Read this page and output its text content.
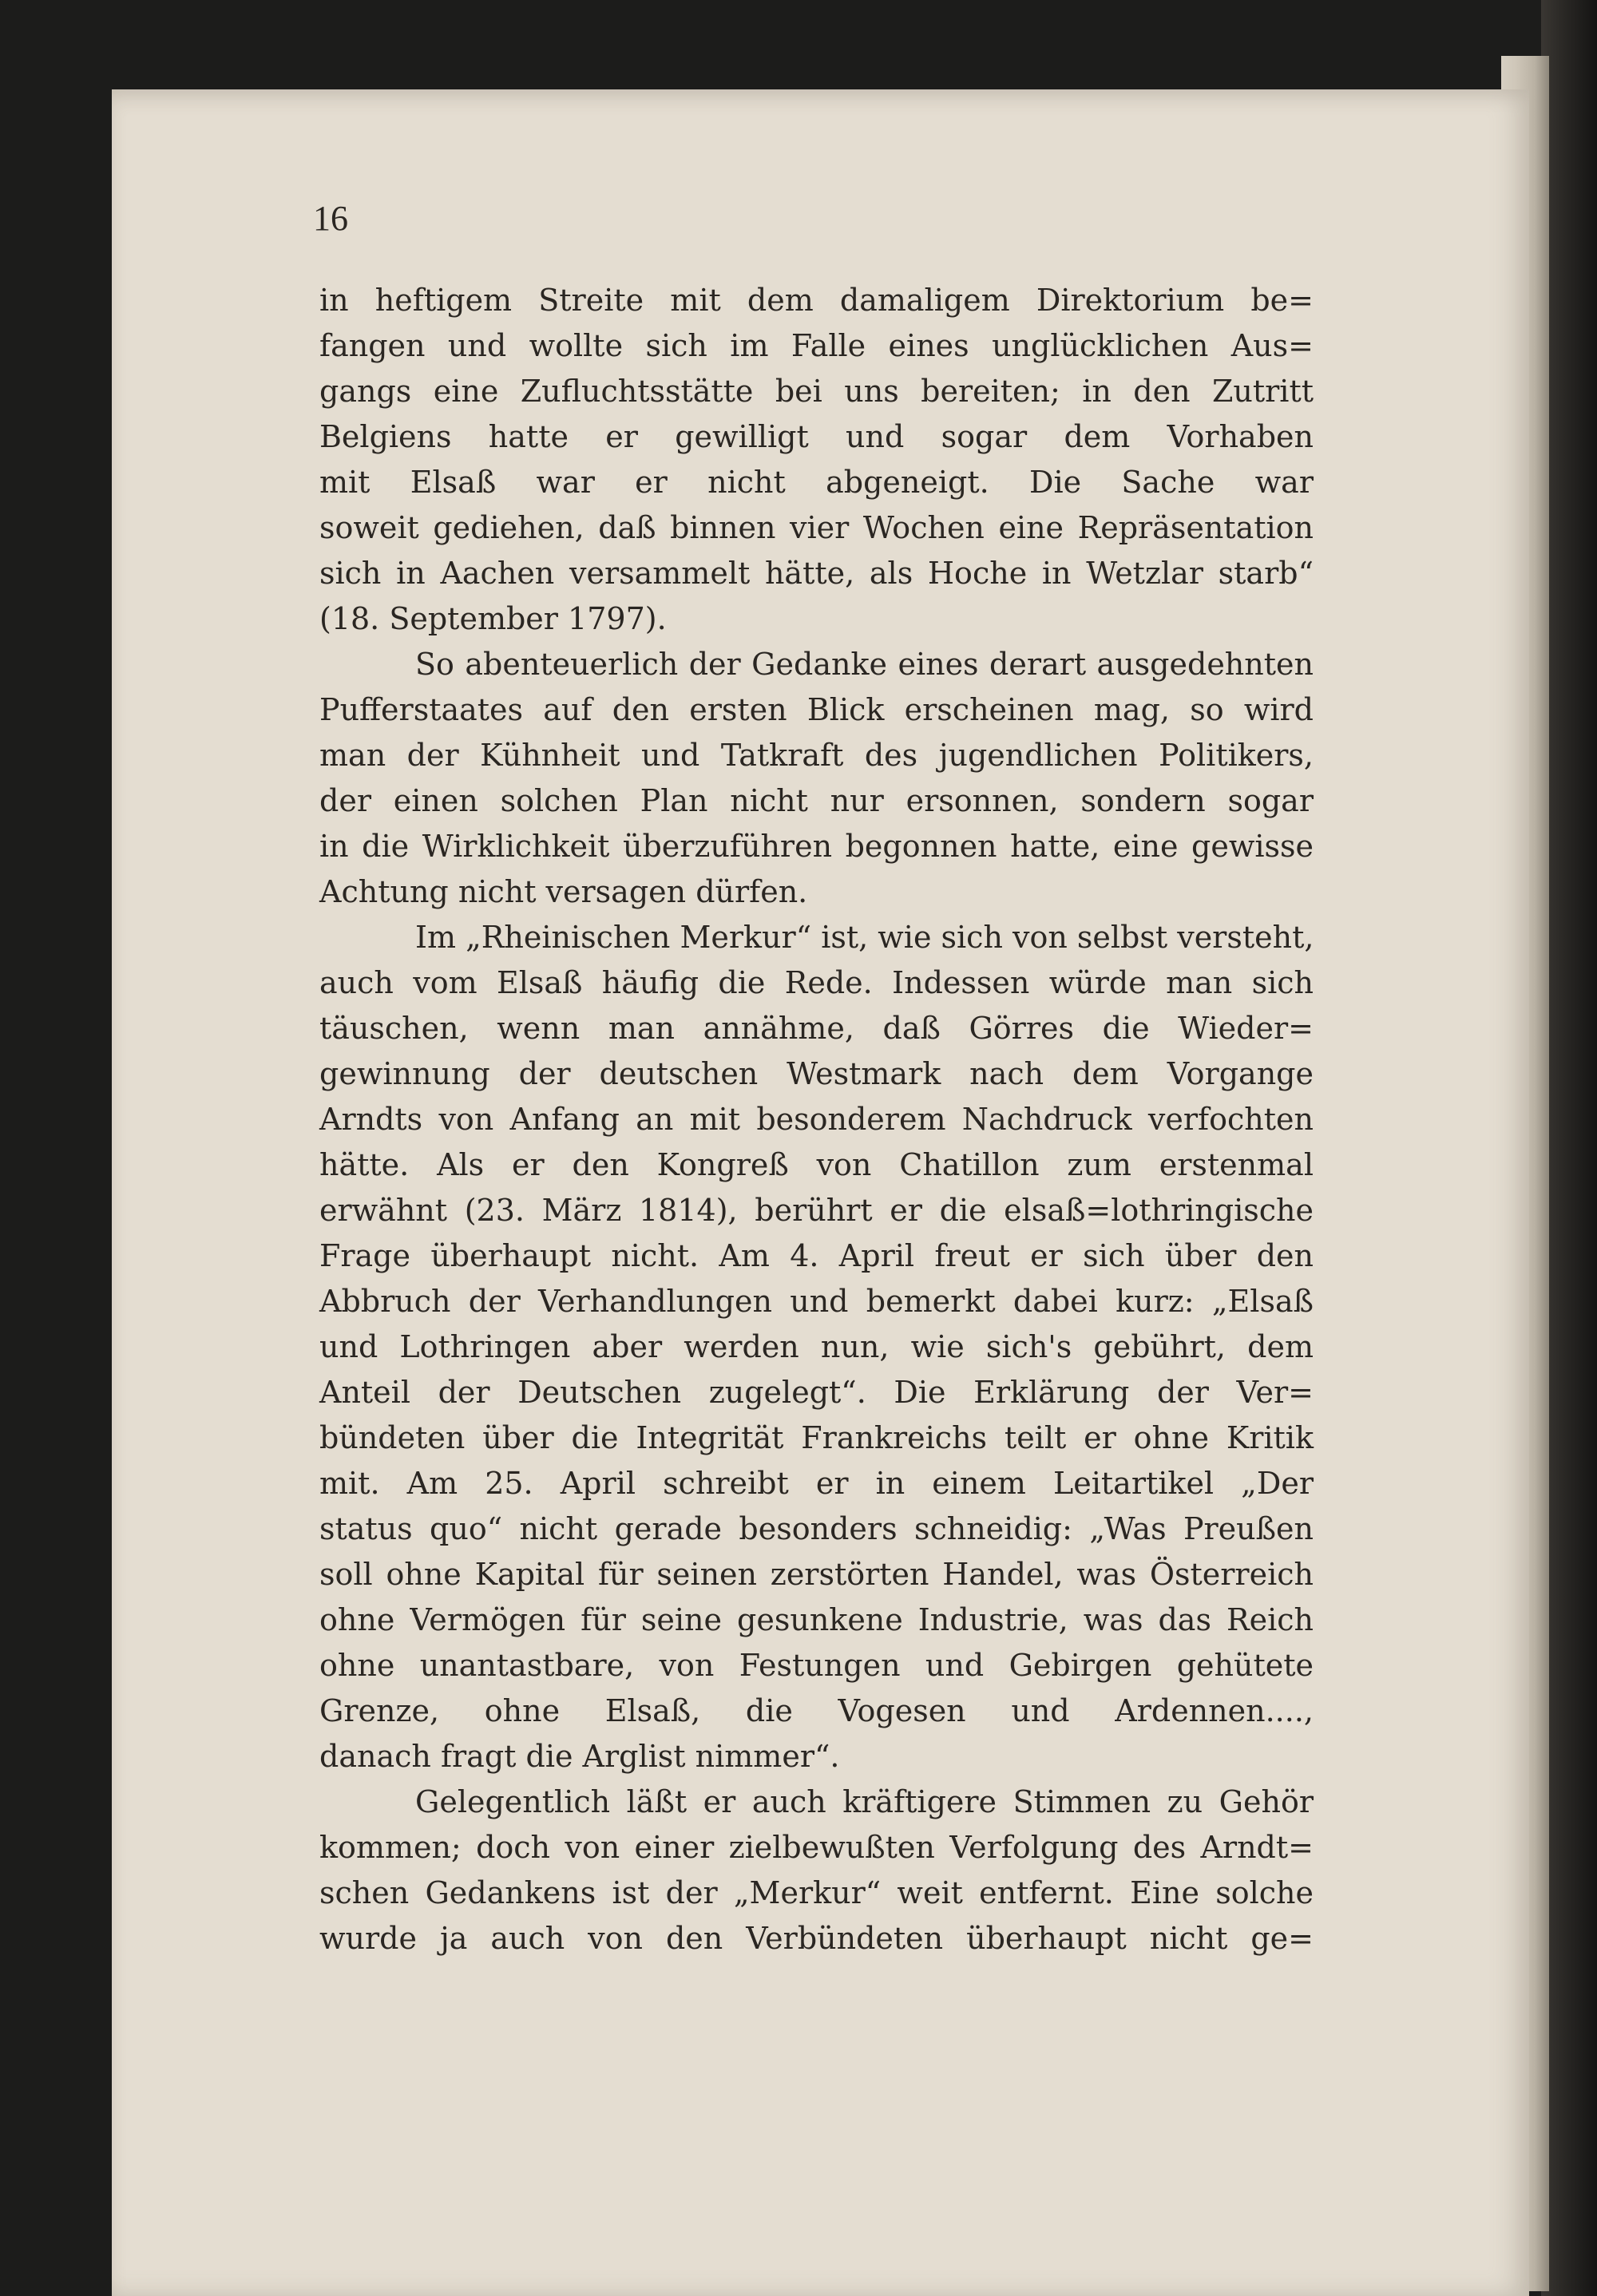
16
in heftigem Streite mit dem damaligem Direktorium be=
fangen und wollte sich im Falle eines unglücklichen Aus=
gangs eine Zufluchtsstätte bei uns bereiten; in den Zutritt
Belgiens hatte er gewilligt und sogar dem Vorhaben
mit Elsaß war er nicht abgeneigt. Die Sache war
soweit gediehen, daß binnen vier Wochen eine Repräsentation
sich in Aachen versammelt hätte, als Hoche in Wetzlar starb“
(18. September 1797).
So abenteuerlich der Gedanke eines derart ausgedehnten
Pufferstaates auf den ersten Blick erscheinen mag, so wird
man der Kühnheit und Tatkraft des jugendlichen Politikers,
der einen solchen Plan nicht nur ersonnen, sondern sogar
in die Wirklichkeit überzuführen begonnen hatte, eine gewisse
Achtung nicht versagen dürfen.
Im „Rheinischen Merkur“ ist, wie sich von selbst versteht,
auch vom Elsaß häufig die Rede. Indessen würde man sich
täuschen, wenn man annähme, daß Görres die Wieder=
gewinnung der deutschen Westmark nach dem Vorgange
Arndts von Anfang an mit besonderem Nachdruck verfochten
hätte. Als er den Kongreß von Chatillon zum erstenmal
erwähnt (23. März 1814), berührt er die elsaß=lothringische
Frage überhaupt nicht. Am 4. April freut er sich über den
Abbruch der Verhandlungen und bemerkt dabei kurz: „Elsaß
und Lothringen aber werden nun, wie sich's gebührt, dem
Anteil der Deutschen zugelegt“. Die Erklärung der Ver=
bündeten über die Integrität Frankreichs teilt er ohne Kritik
mit. Am 25. April schreibt er in einem Leitartikel „Der
status quo“ nicht gerade besonders schneidig: „Was Preußen
soll ohne Kapital für seinen zerstörten Handel, was Österreich
ohne Vermögen für seine gesunkene Industrie, was das Reich
ohne unantastbare, von Festungen und Gebirgen gehütete
Grenze, ohne Elsaß, die Vogesen und Ardennen....,
danach fragt die Arglist nimmer“.
Gelegentlich läßt er auch kräftigere Stimmen zu Gehör
kommen; doch von einer zielbewußten Verfolgung des Arndt=
schen Gedankens ist der „Merkur“ weit entfernt. Eine solche
wurde ja auch von den Verbündeten überhaupt nicht ge=
